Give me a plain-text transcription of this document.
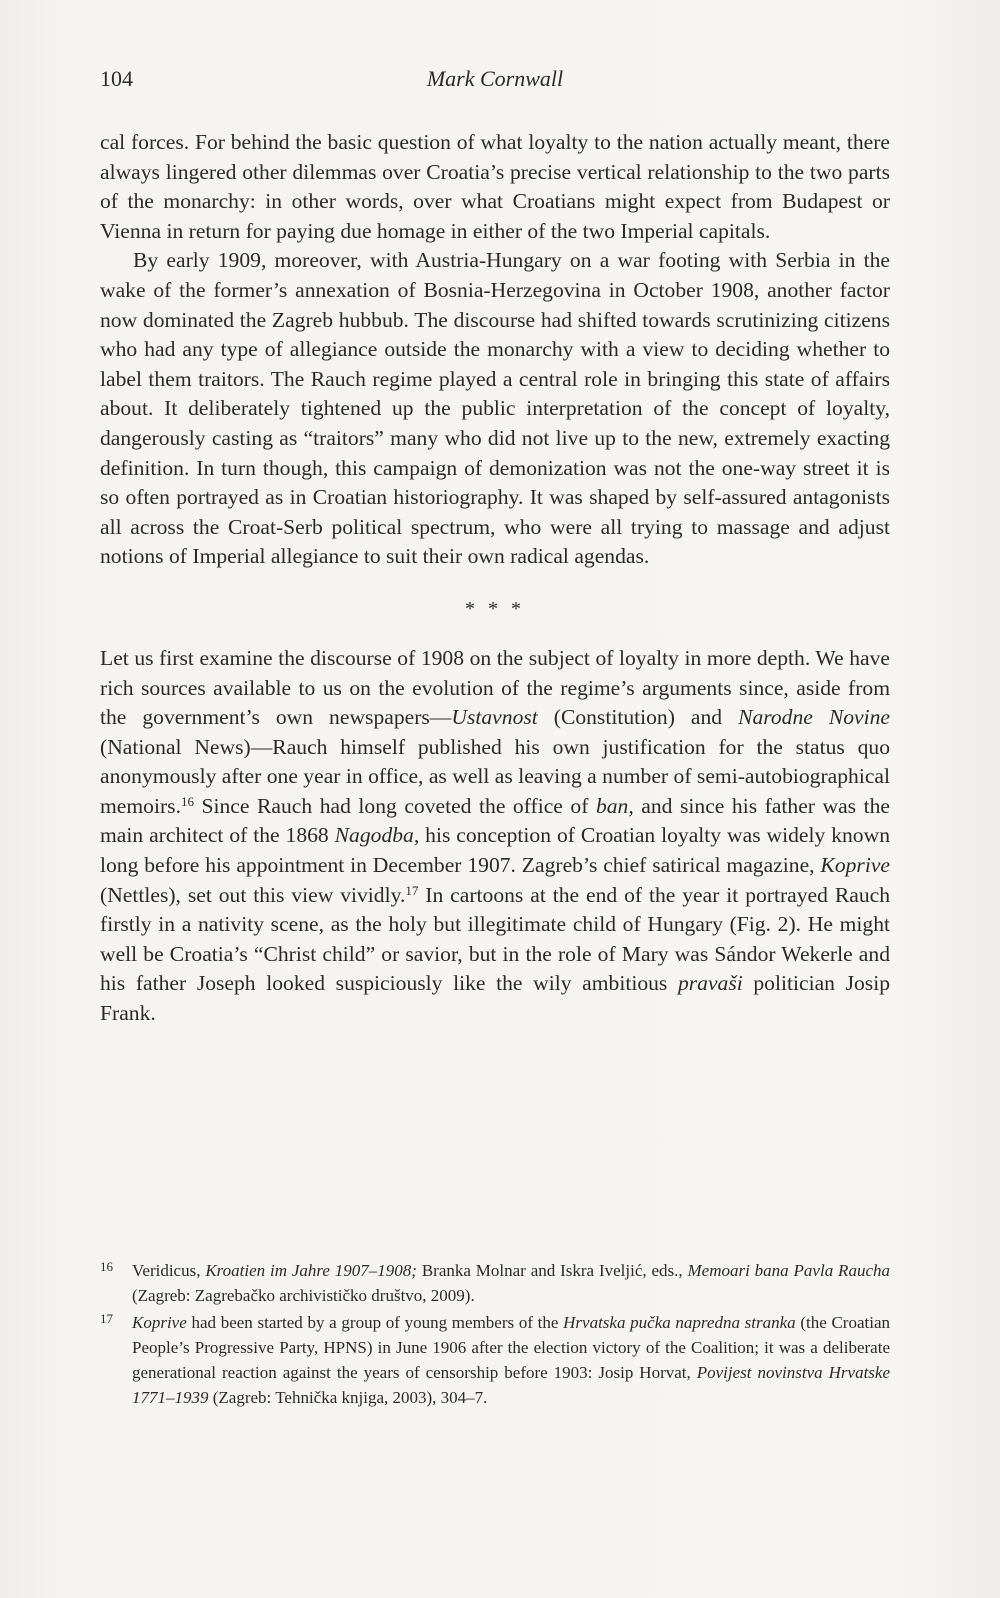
104	Mark Cornwall

cal forces. For behind the basic question of what loyalty to the nation actually meant, there always lingered other dilemmas over Croatia’s precise vertical relationship to the two parts of the monarchy: in other words, over what Croatians might expect from Budapest or Vienna in return for paying due homage in either of the two Imperial capitals.

By early 1909, moreover, with Austria-Hungary on a war footing with Serbia in the wake of the former’s annexation of Bosnia-Herzegovina in October 1908, another factor now dominated the Zagreb hubbub. The discourse had shifted towards scrutinizing citizens who had any type of allegiance outside the monarchy with a view to deciding whether to label them traitors. The Rauch regime played a central role in bringing this state of affairs about. It deliberately tightened up the public interpretation of the concept of loyalty, dangerously casting as “traitors” many who did not live up to the new, extremely exacting definition. In turn though, this campaign of demonization was not the one-way street it is so often portrayed as in Croatian historiography. It was shaped by self-assured antagonists all across the Croat-Serb political spectrum, who were all trying to massage and adjust notions of Imperial allegiance to suit their own radical agendas.

* * *

Let us first examine the discourse of 1908 on the subject of loyalty in more depth. We have rich sources available to us on the evolution of the regime’s arguments since, aside from the government’s own newspapers—Ustavnost (Constitution) and Narodne Novine (National News)—Rauch himself published his own justification for the status quo anonymously after one year in office, as well as leaving a number of semi-autobiographical memoirs.$^{16}$ Since Rauch had long coveted the office of ban, and since his father was the main architect of the 1868 Nagodba, his conception of Croatian loyalty was widely known long before his appointment in December 1907. Zagreb’s chief satirical magazine, Koprive (Nettles), set out this view vividly.$^{17}$ In cartoons at the end of the year it portrayed Rauch firstly in a nativity scene, as the holy but illegitimate child of Hungary (Fig. 2). He might well be Croatia’s “Christ child” or savior, but in the role of Mary was Sándor Wekerle and his father Joseph looked suspiciously like the wily ambitious pravaši politician Josip Frank.

16 Veridicus, Kroatien im Jahre 1907–1908; Branka Molnar and Iskra Iveljić, eds., Memoari bana Pavla Raucha (Zagreb: Zagrebačko archivističko društvo, 2009).

17 Koprive had been started by a group of young members of the Hrvatska pučka napredna stranka (the Croatian People’s Progressive Party, HPNS) in June 1906 after the election victory of the Coalition; it was a deliberate generational reaction against the years of censorship before 1903: Josip Horvat, Povijest novinstva Hrvatske 1771–1939 (Zagreb: Tehnička knjiga, 2003), 304–7.
